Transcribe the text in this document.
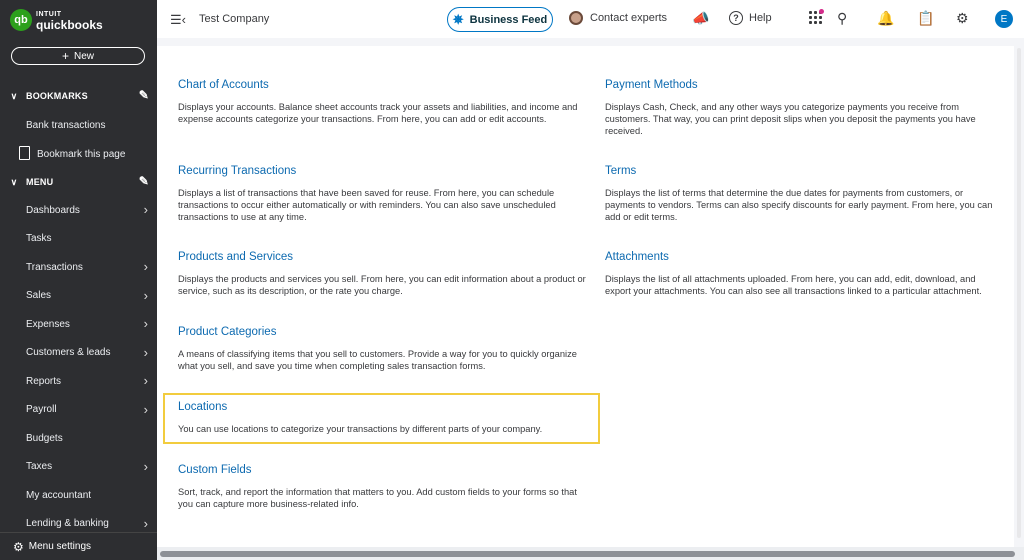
qb	INTUIT
quickbooks
+ New
∨ BOOKMARKS	✎
Bank transactions
Bookmark this page
∨ MENU	✎
Dashboards	›
Tasks
Transactions	›
Sales	›
Expenses	›
Customers & leads	›
Reports	›
Payroll	›
Budgets
Taxes	›
My accountant
Lending & banking	›
⚙ Menu settings
☰‹ Test Company	✵ Business Feed	Contact experts 📣	? Help	⚲ 🔔 📋 ⚙	E
Chart of Accounts
Displays your accounts. Balance sheet accounts track your assets and liabilities, and income and expense accounts categorize your transactions. From here, you can add or edit accounts.
Recurring Transactions
Displays a list of transactions that have been saved for reuse. From here, you can schedule transactions to occur either automatically or with reminders. You can also save unscheduled transactions to use at any time.
Products and Services
Displays the products and services you sell. From here, you can edit information about a product or service, such as its description, or the rate you charge.
Product Categories
A means of classifying items that you sell to customers. Provide a way for you to quickly organize what you sell, and save you time when completing sales transaction forms.
Locations
You can use locations to categorize your transactions by different parts of your company.
Custom Fields
Sort, track, and report the information that matters to you. Add custom fields to your forms so that you can capture more business-related info.
Payment Methods
Displays Cash, Check, and any other ways you categorize payments you receive from customers. That way, you can print deposit slips when you deposit the payments you have received.
Terms
Displays the list of terms that determine the due dates for payments from customers, or payments to vendors. Terms can also specify discounts for early payment. From here, you can add or edit terms.
Attachments
Displays the list of all attachments uploaded. From here, you can add, edit, download, and export your attachments. You can also see all transactions linked to a particular attachment.
